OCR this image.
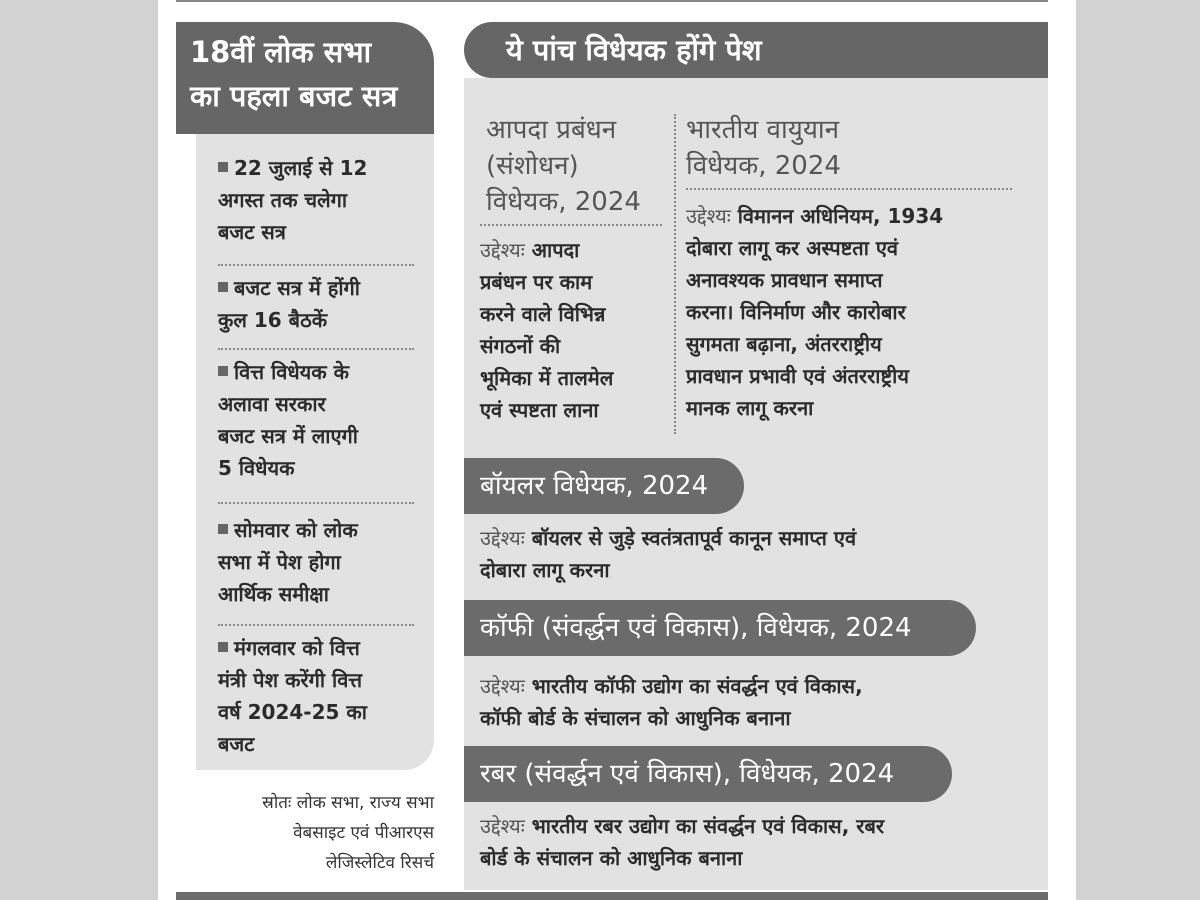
18वीं लोक सभा
का पहला बजट सत्र
22 जुलाई से 12
अगस्त तक चलेगा
बजट सत्र
बजट सत्र में होंगी
कुल 16 बैठकें
वित्त विधेयक के
अलावा सरकार
बजट सत्र में लाएगी
5 विधेयक
सोमवार को लोक
सभा में पेश होगा
आर्थिक समीक्षा
मंगलवार को वित्त
मंत्री पेश करेंगी वित्त
वर्ष 2024-25 का
बजट
स्रोतः लोक सभा, राज्य सभा
वेबसाइट एवं पीआरएस
लेजिस्लेटिव रिसर्च
ये पांच विधेयक होंगे पेश
आपदा प्रबंधन
(संशोधन)
विधेयक, 2024
उद्देश्यः आपदा
प्रबंधन पर काम
करने वाले विभिन्न
संगठनों की
भूमिका में तालमेल
एवं स्पष्टता लाना
भारतीय वायुयान
विधेयक, 2024
उद्देश्यः विमानन अधिनियम, 1934
दोबारा लागू कर अस्पष्टता एवं
अनावश्यक प्रावधान समाप्त
करना। विनिर्माण और कारोबार
सुगमता बढ़ाना, अंतरराष्ट्रीय
प्रावधान प्रभावी एवं अंतरराष्ट्रीय
मानक लागू करना
बॉयलर विधेयक, 2024
उद्देश्यः बॉयलर से जुड़े स्वतंत्रतापूर्व कानून समाप्त एवं
दोबारा लागू करना
कॉफी (संवर्द्धन एवं विकास), विधेयक, 2024
उद्देश्यः भारतीय कॉफी उद्योग का संवर्द्धन एवं विकास,
कॉफी बोर्ड के संचालन को आधुनिक बनाना
रबर (संवर्द्धन एवं विकास), विधेयक, 2024
उद्देश्यः भारतीय रबर उद्योग का संवर्द्धन एवं विकास, रबर
बोर्ड के संचालन को आधुनिक बनाना
